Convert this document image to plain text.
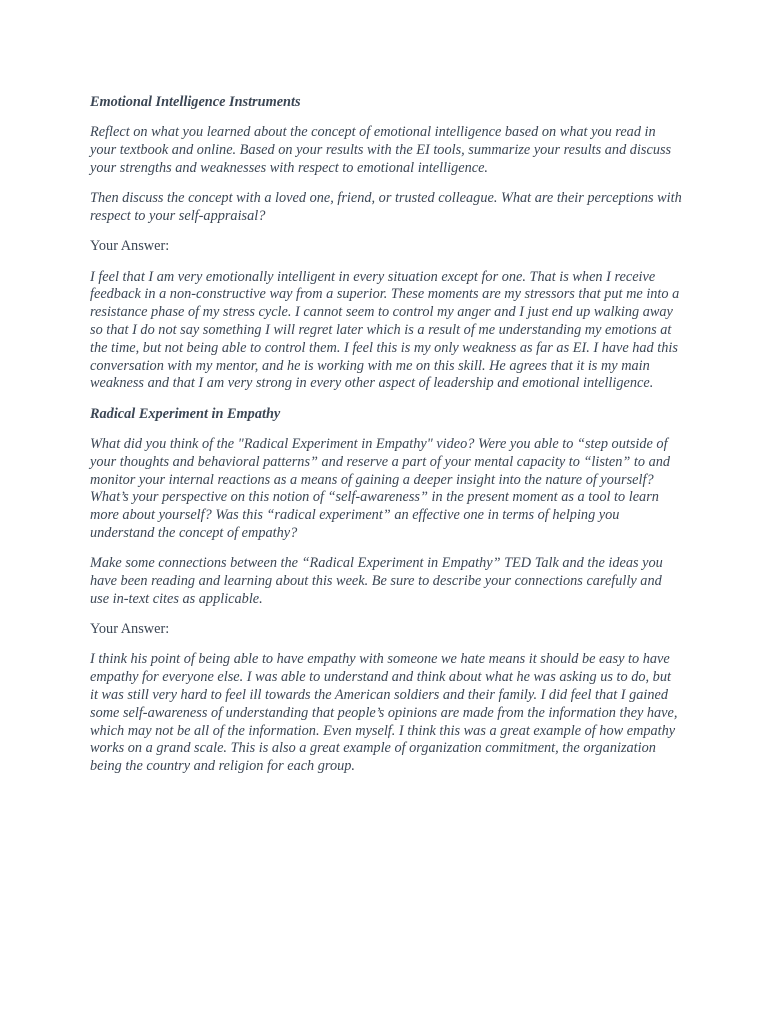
Emotional Intelligence Instruments

Reflect on what you learned about the concept of emotional intelligence based on what you read in your textbook and online. Based on your results with the EI tools, summarize your results and discuss your strengths and weaknesses with respect to emotional intelligence.

Then discuss the concept with a loved one, friend, or trusted colleague. What are their perceptions with respect to your self-appraisal?

Your Answer:

I feel that I am very emotionally intelligent in every situation except for one. That is when I receive feedback in a non-constructive way from a superior. These moments are my stressors that put me into a resistance phase of my stress cycle. I cannot seem to control my anger and I just end up walking away so that I do not say something I will regret later which is a result of me understanding my emotions at the time, but not being able to control them. I feel this is my only weakness as far as EI. I have had this conversation with my mentor, and he is working with me on this skill. He agrees that it is my main weakness and that I am very strong in every other aspect of leadership and emotional intelligence.

Radical Experiment in Empathy

What did you think of the "Radical Experiment in Empathy" video? Were you able to “step outside of your thoughts and behavioral patterns” and reserve a part of your mental capacity to “listen” to and monitor your internal reactions as a means of gaining a deeper insight into the nature of yourself? What’s your perspective on this notion of “self-awareness” in the present moment as a tool to learn more about yourself? Was this “radical experiment” an effective one in terms of helping you understand the concept of empathy?

Make some connections between the “Radical Experiment in Empathy” TED Talk and the ideas you have been reading and learning about this week. Be sure to describe your connections carefully and use in-text cites as applicable.

Your Answer:

I think his point of being able to have empathy with someone we hate means it should be easy to have empathy for everyone else. I was able to understand and think about what he was asking us to do, but it was still very hard to feel ill towards the American soldiers and their family. I did feel that I gained some self-awareness of understanding that people’s opinions are made from the information they have, which may not be all of the information. Even myself. I think this was a great example of how empathy works on a grand scale. This is also a great example of organization commitment, the organization being the country and religion for each group.
